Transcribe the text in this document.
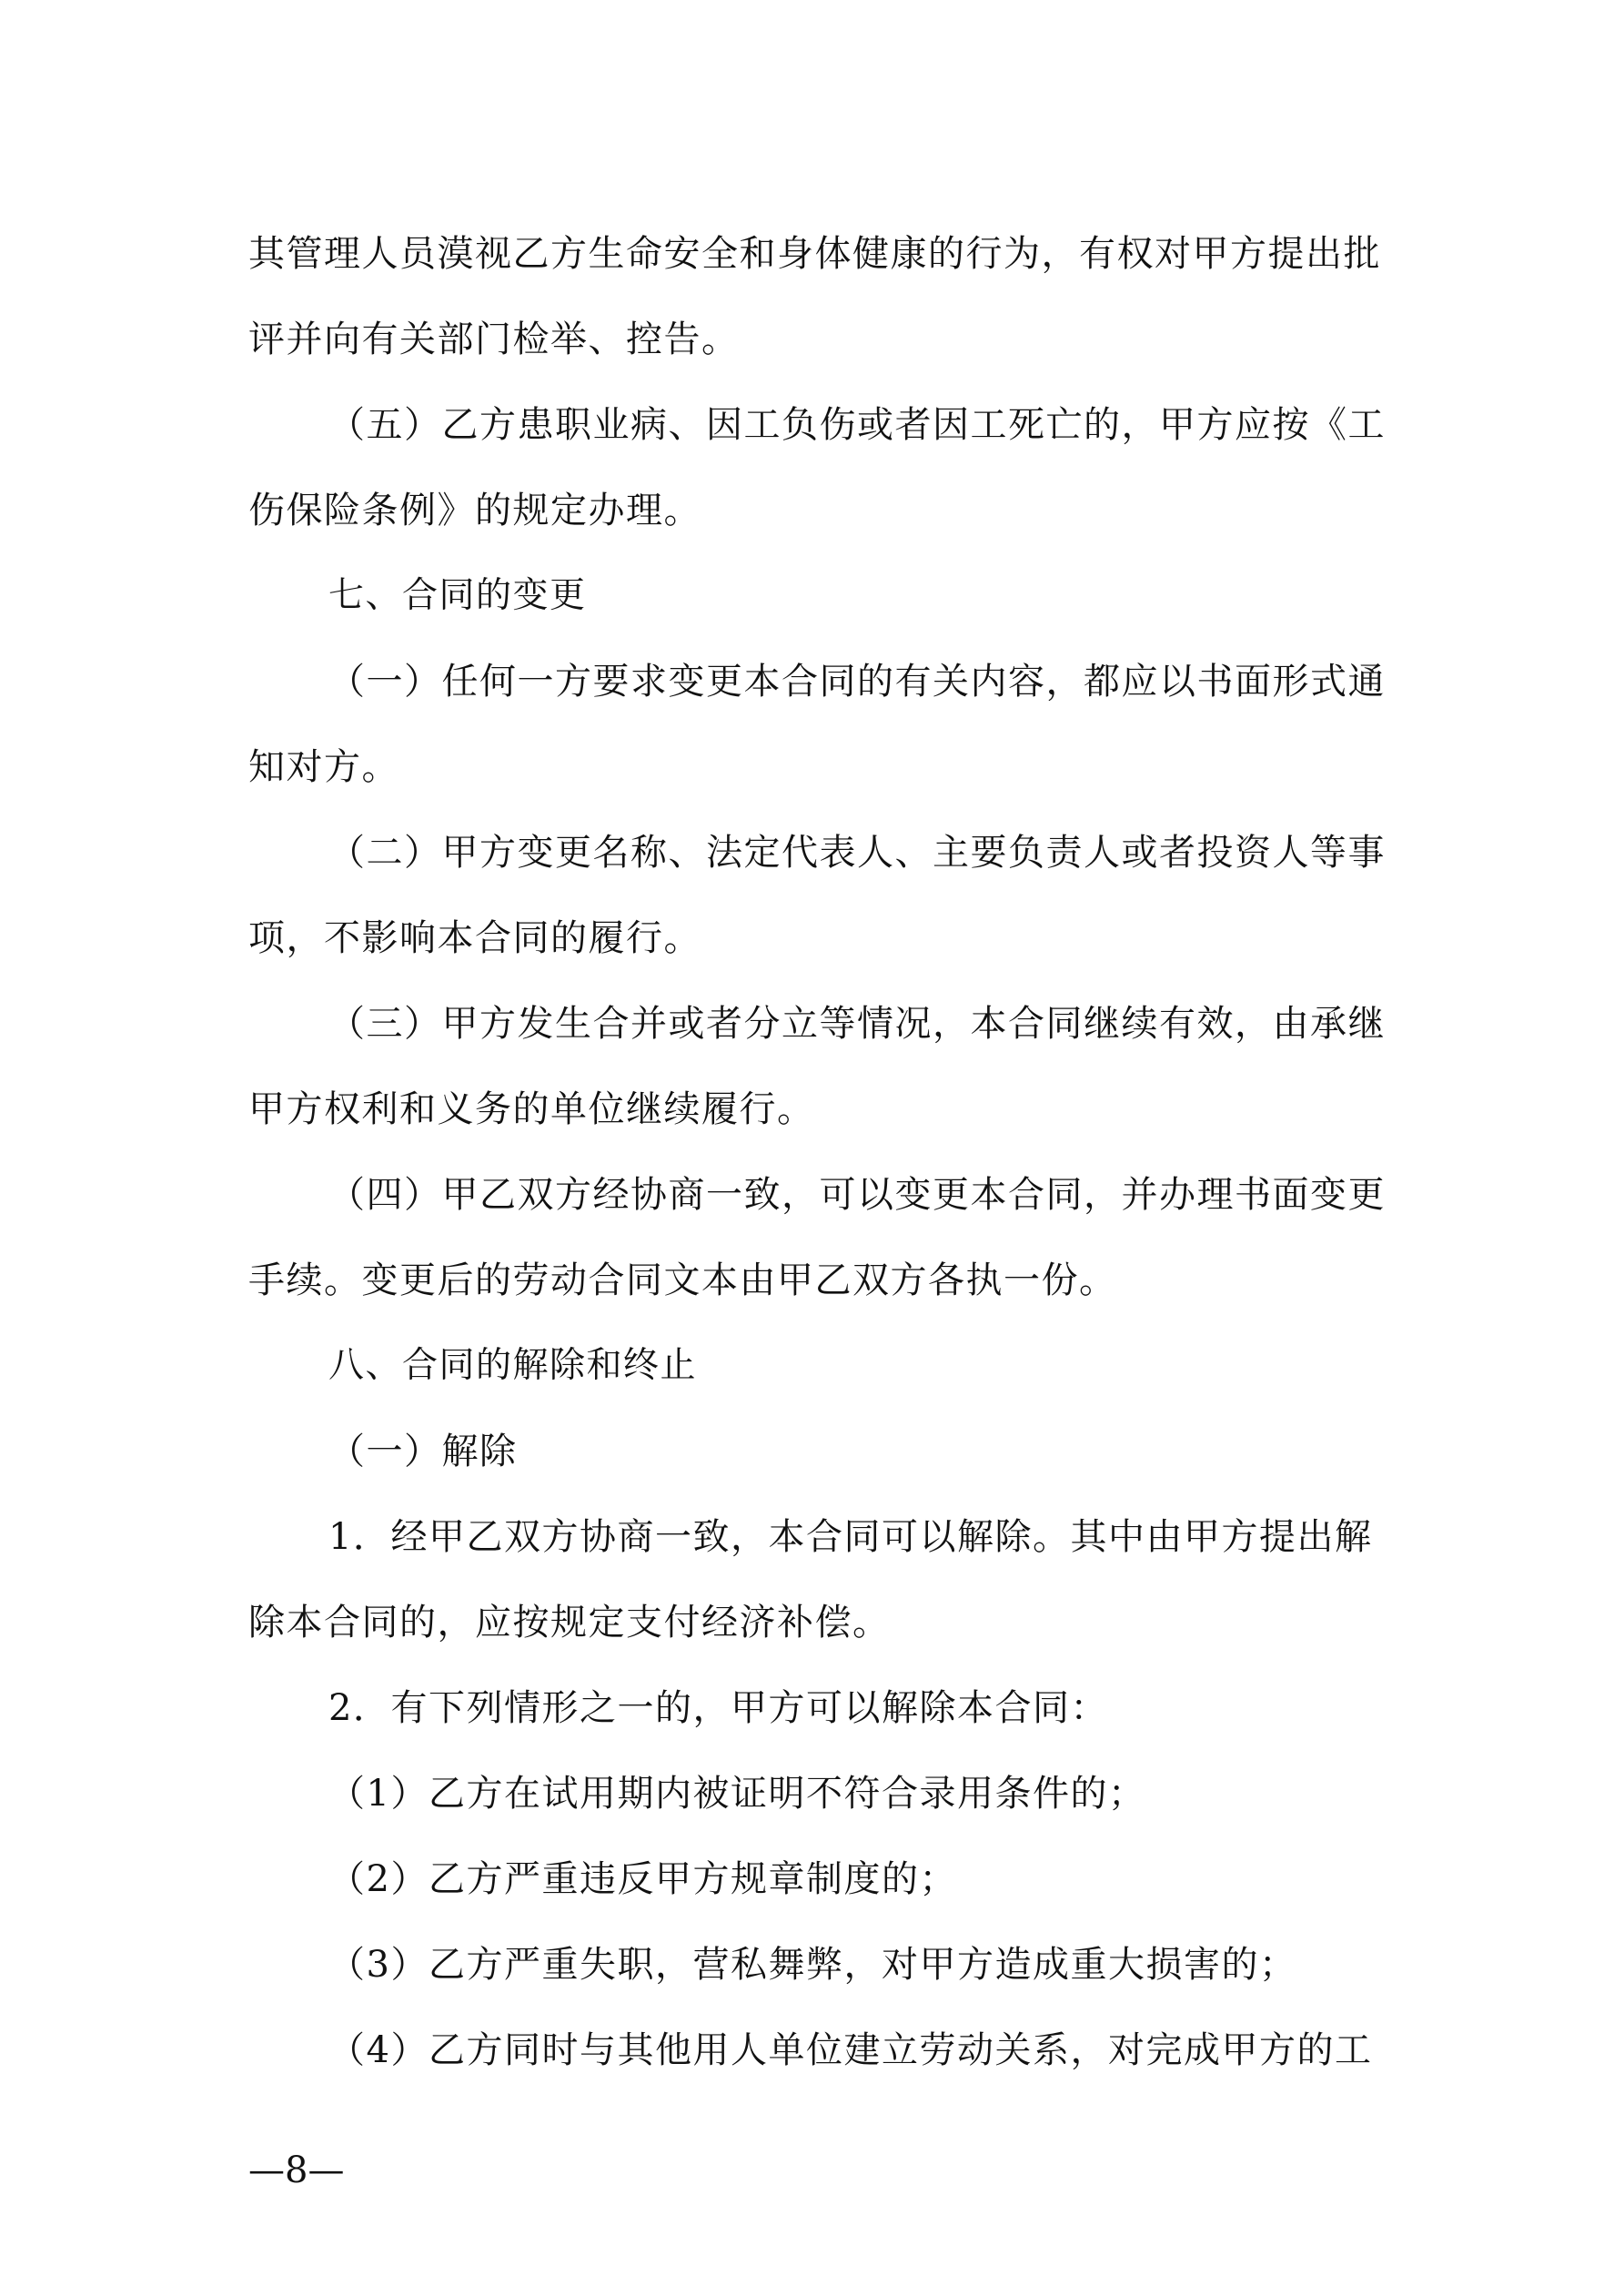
其管理人员漠视乙方生命安全和身体健康的行为，有权对甲方提出批
评并向有关部门检举、控告。
（五）乙方患职业病、因工负伤或者因工死亡的，甲方应按《工
伤保险条例》的规定办理。
七、合同的变更
（一）任何一方要求变更本合同的有关内容，都应以书面形式通
知对方。
（二）甲方变更名称、法定代表人、主要负责人或者投资人等事
项，不影响本合同的履行。
（三）甲方发生合并或者分立等情况，本合同继续有效，由承继
甲方权利和义务的单位继续履行。
（四）甲乙双方经协商一致，可以变更本合同，并办理书面变更
手续。变更后的劳动合同文本由甲乙双方各执一份。
八、合同的解除和终止
（一）解除
1．经甲乙双方协商一致，本合同可以解除。其中由甲方提出解
除本合同的，应按规定支付经济补偿。
2．有下列情形之一的，甲方可以解除本合同：
（1）乙方在试用期内被证明不符合录用条件的；
（2）乙方严重违反甲方规章制度的；
（3）乙方严重失职，营私舞弊，对甲方造成重大损害的；
（4）乙方同时与其他用人单位建立劳动关系，对完成甲方的工
—8—
